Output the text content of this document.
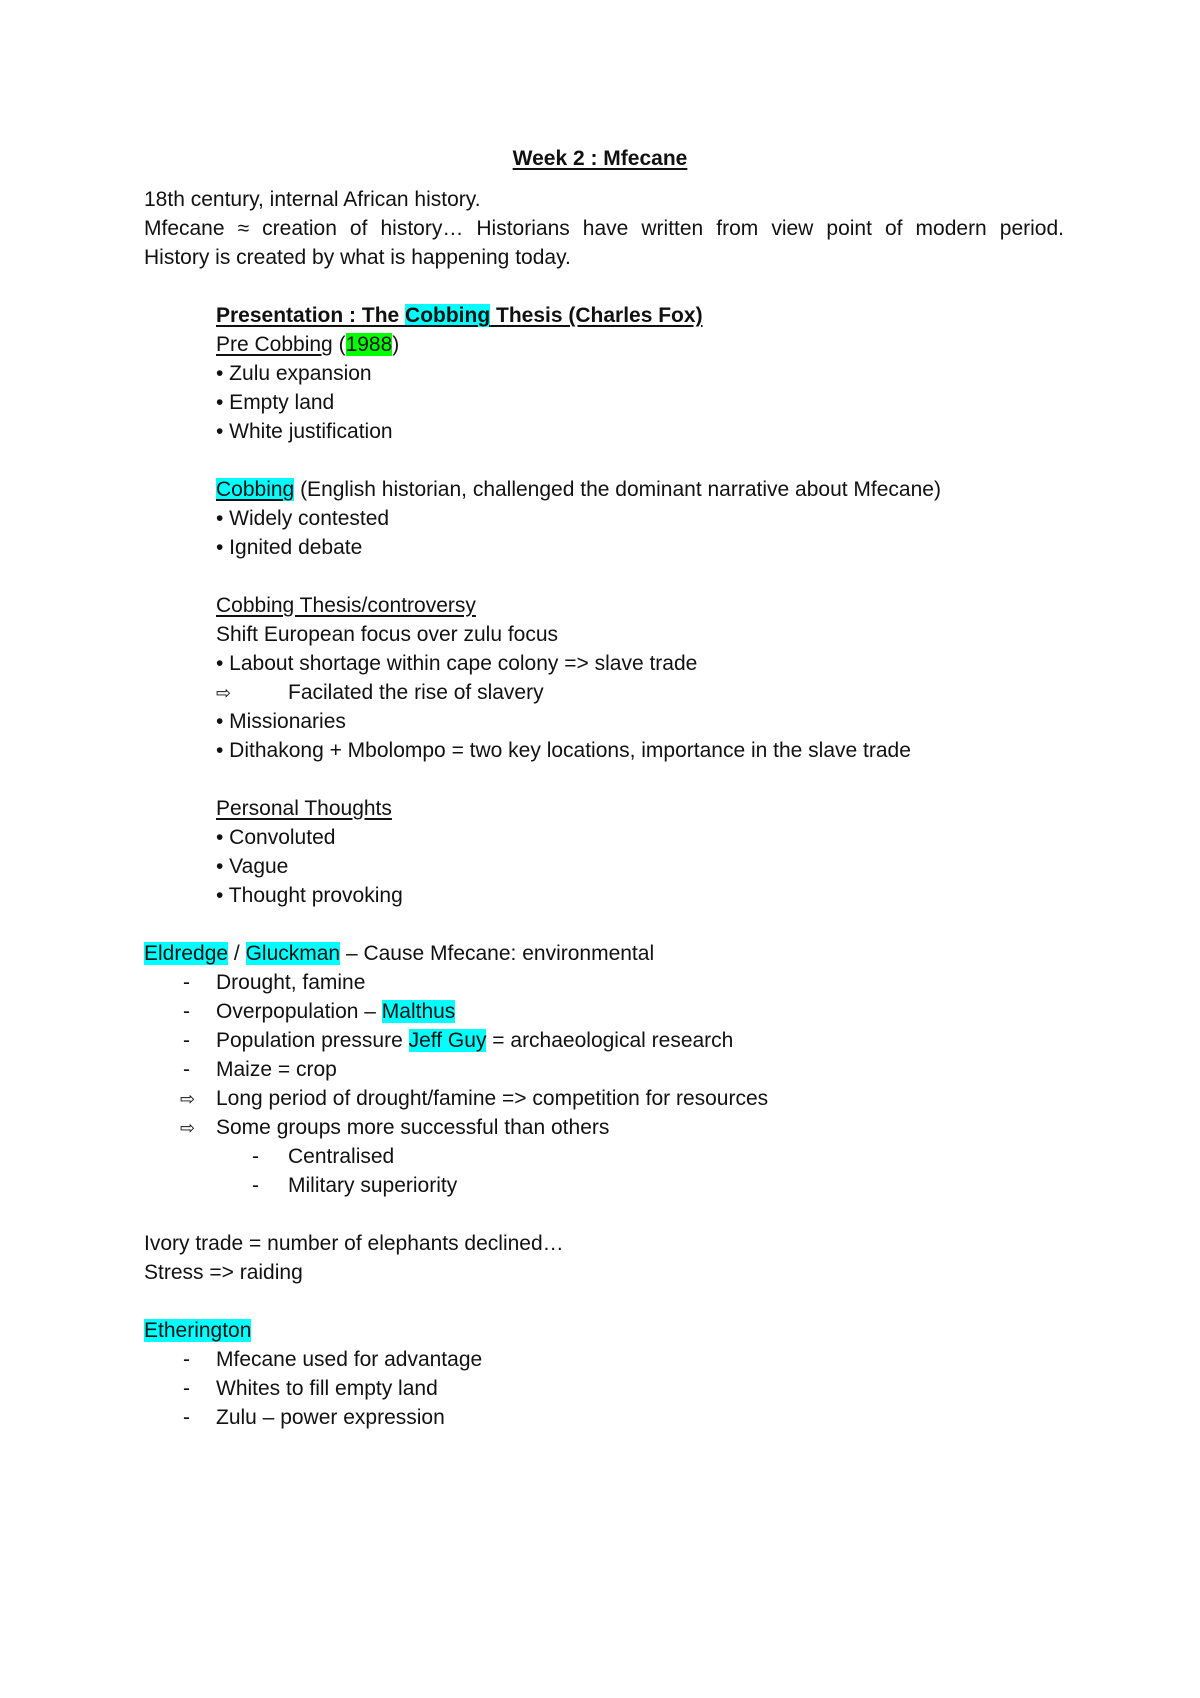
Week 2 : Mfecane
18th century, internal African history.
Mfecane ≈ creation of history… Historians have written from view point of modern period.
History is created by what is happening today.
Presentation : The Cobbing Thesis (Charles Fox)
Pre Cobbing (1988)
• Zulu expansion
• Empty land
• White justification
Cobbing (English historian, challenged the dominant narrative about Mfecane)
• Widely contested
• Ignited debate
Cobbing Thesis/controversy
Shift European focus over zulu focus
• Labout shortage within cape colony => slave trade
⇨	Facilated the rise of slavery
• Missionaries
• Dithakong + Mbolompo = two key locations, importance in the slave trade
Personal Thoughts
• Convoluted
• Vague
• Thought provoking
Eldredge / Gluckman – Cause Mfecane: environmental
- Drought, famine
- Overpopulation – Malthus
- Population pressure Jeff Guy = archaeological research
- Maize = crop
⇨ Long period of drought/famine => competition for resources
⇨ Some groups more successful than others
- Centralised
- Military superiority
Ivory trade = number of elephants declined…
Stress => raiding
Etherington
- Mfecane used for advantage
- Whites to fill empty land
- Zulu – power expression
